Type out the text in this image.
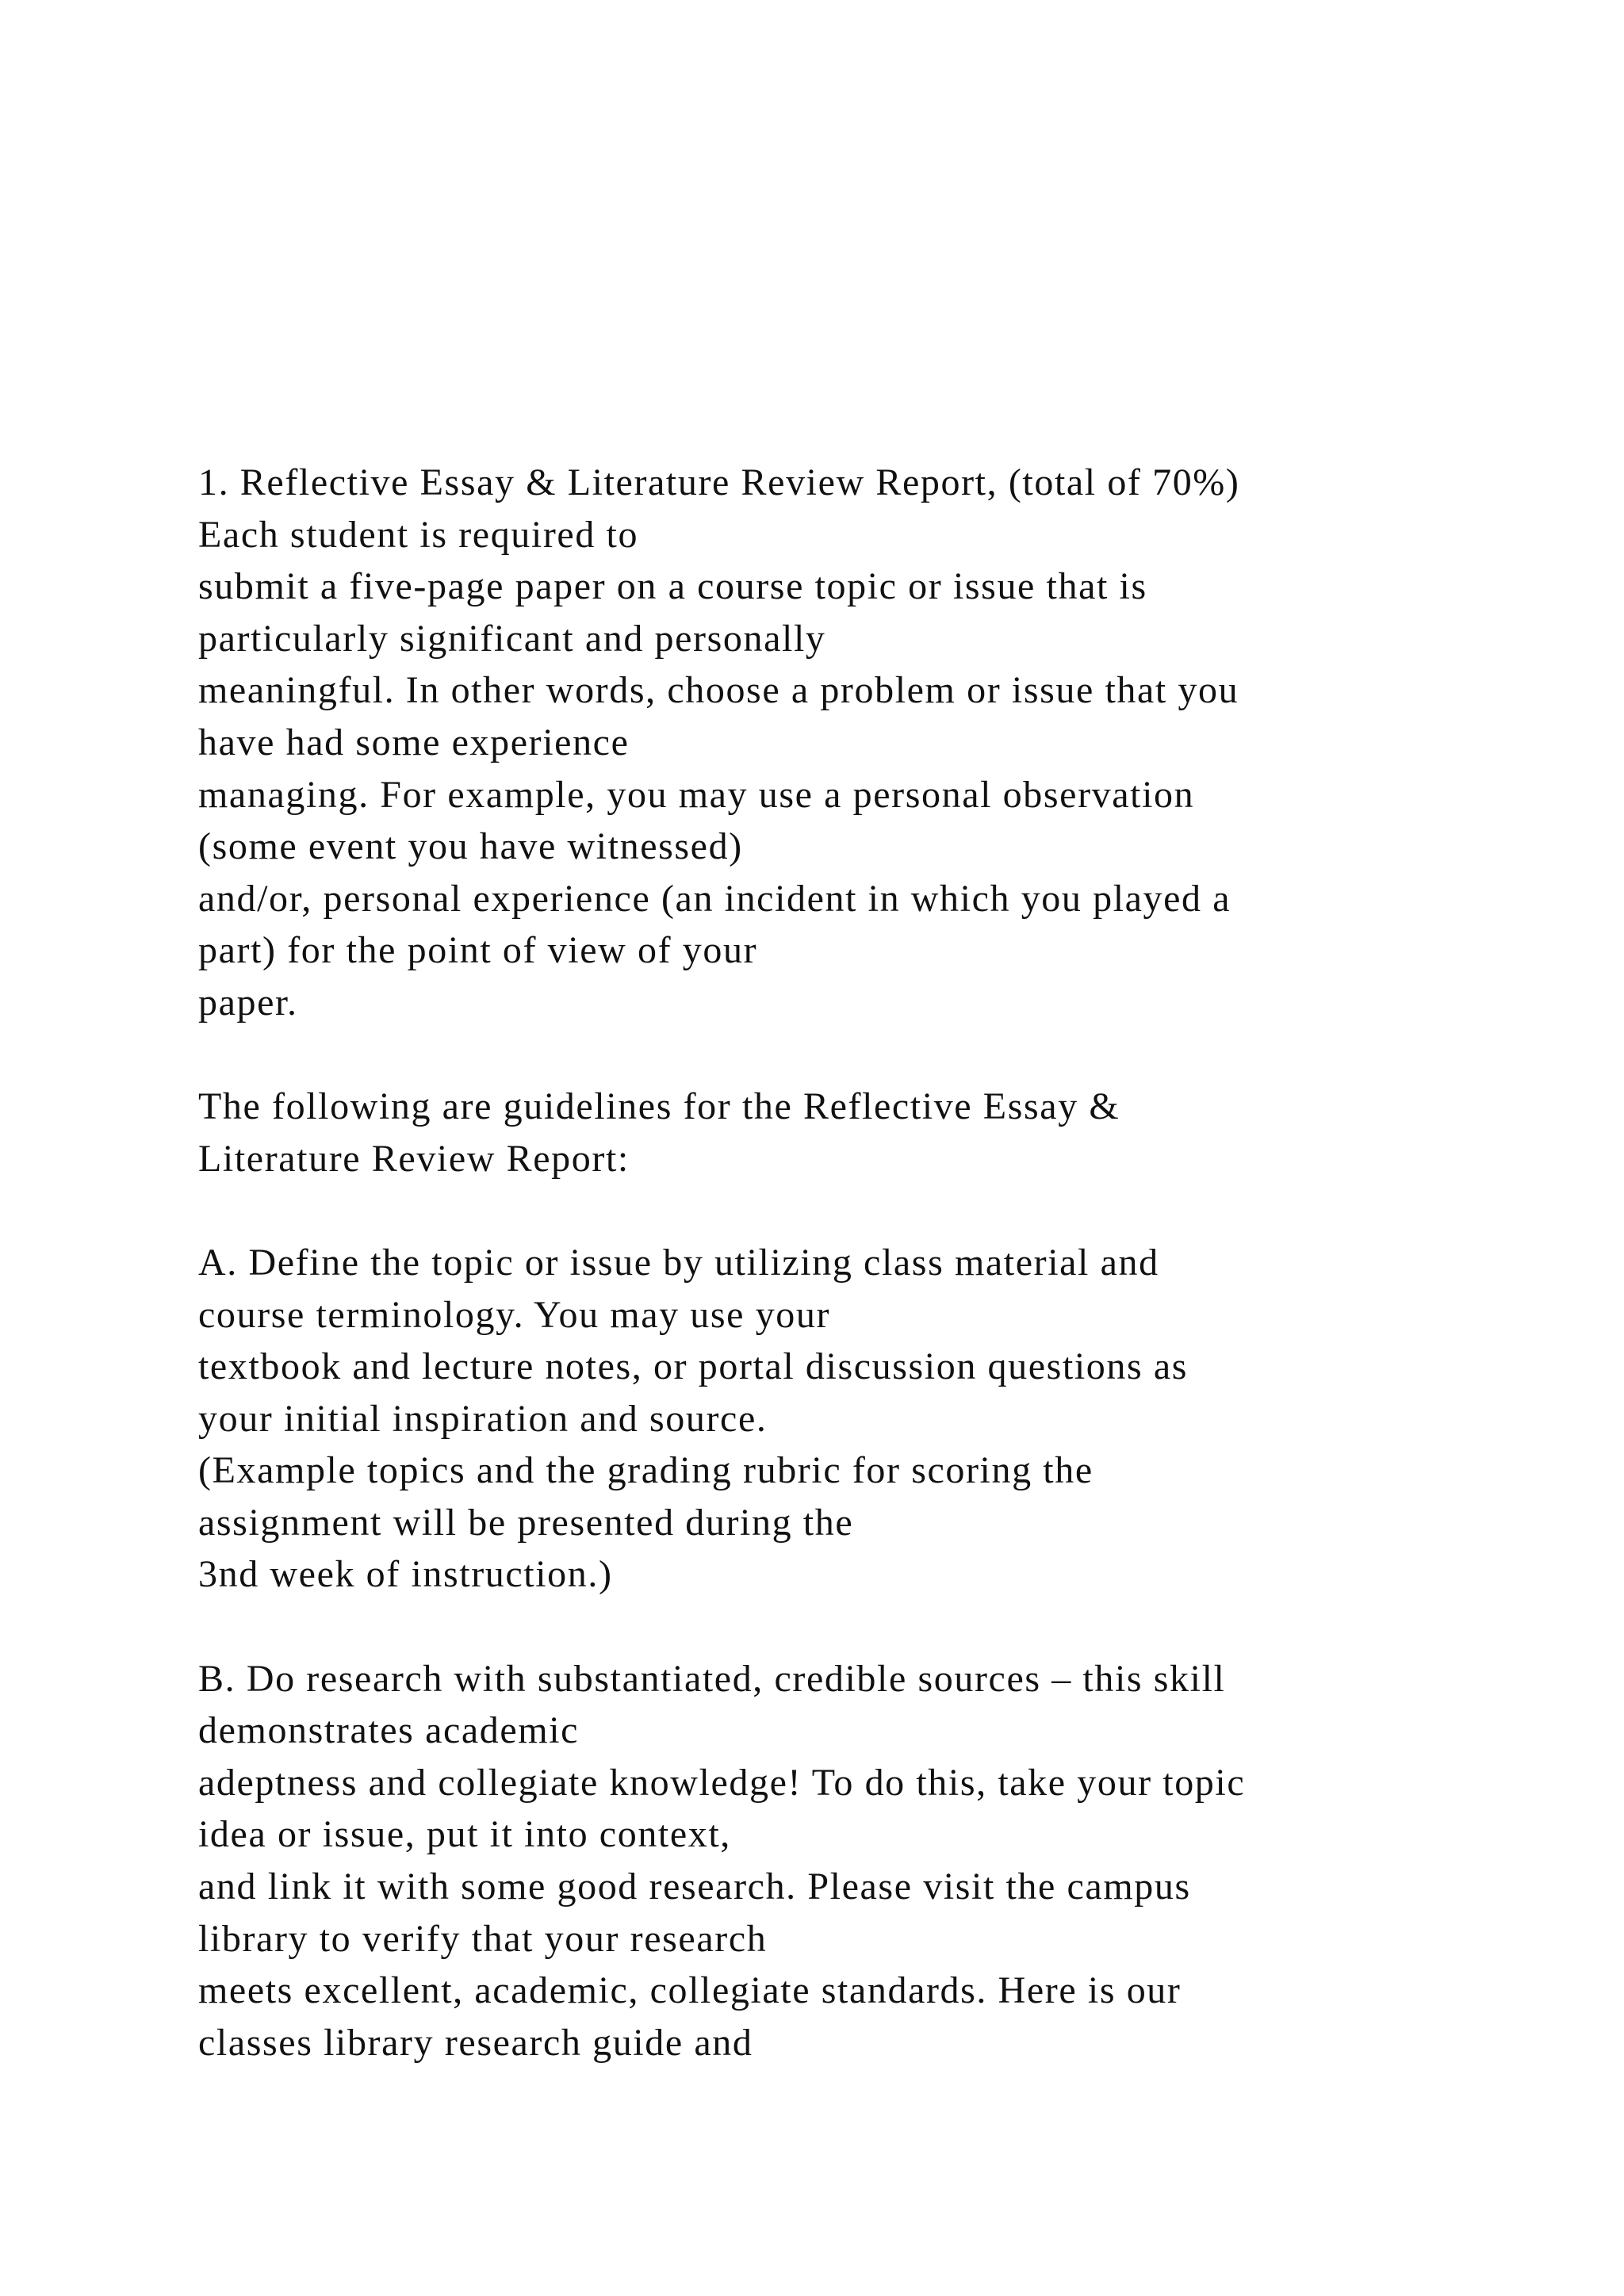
1. Reflective Essay & Literature Review Report, (total of 70%)
Each student is required to
submit a five-page paper on a course topic or issue that is
particularly significant and personally
meaningful. In other words, choose a problem or issue that you
have had some experience
managing. For example, you may use a personal observation
(some event you have witnessed)
and/or, personal experience (an incident in which you played a
part) for the point of view of your
paper.
The following are guidelines for the Reflective Essay &
Literature Review Report:
A. Define the topic or issue by utilizing class material and
course terminology. You may use your
textbook and lecture notes, or portal discussion questions as
your initial inspiration and source.
(Example topics and the grading rubric for scoring the
assignment will be presented during the
3nd week of instruction.)
B. Do research with substantiated, credible sources – this skill
demonstrates academic
adeptness and collegiate knowledge! To do this, take your topic
idea or issue, put it into context,
and link it with some good research. Please visit the campus
library to verify that your research
meets excellent, academic, collegiate standards. Here is our
classes library research guide and
